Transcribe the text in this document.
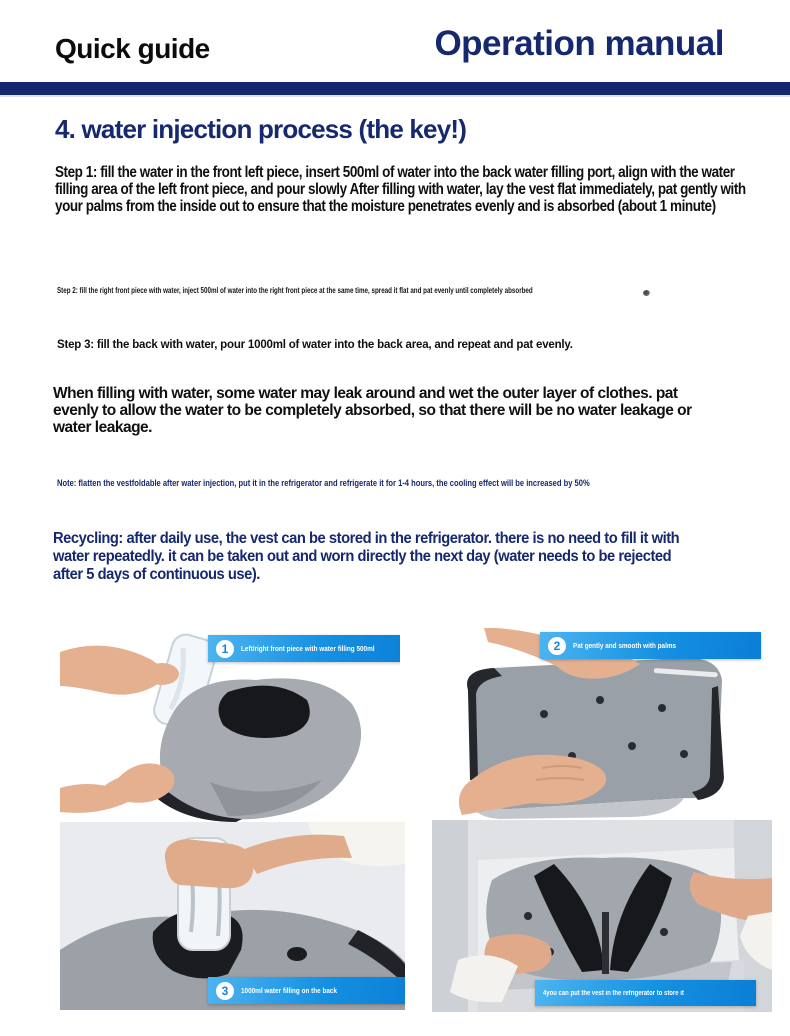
Quick guide	Operation manual
4. water injection process (the key!)

Step 1: fill the water in the front left piece, insert 500ml of water into the back water filling port, align with the water filling area of the left front piece, and pour slowly After filling with water, lay the vest flat immediately, pat gently with your palms from the inside out to ensure that the moisture penetrates evenly and is absorbed (about 1 minute)

Step 2: fill the right front piece with water, inject 500ml of water into the right front piece at the same time, spread it flat and pat evenly until completely absorbed

Step 3: fill the back with water, pour 1000ml of water into the back area, and repeat and pat evenly.

When filling with water, some water may leak around and wet the outer layer of clothes. pat evenly to allow the water to be completely absorbed, so that there will be no water leakage or water leakage.

Note: flatten the vestfoldable after water injection, put it in the refrigerator and refrigerate it for 1-4 hours, the cooling effect will be increased by 50%

Recycling: after daily use, the vest can be stored in the refrigerator. there is no need to fill it with water repeatedly. it can be taken out and worn directly the next day (water needs to be rejected after 5 days of continuous use).

1	Left/right front piece with water filling 500ml	2	Pat gently and smooth with palms
3	1000ml water filling on the back	4you can put the vest in the refrigerator to store it
